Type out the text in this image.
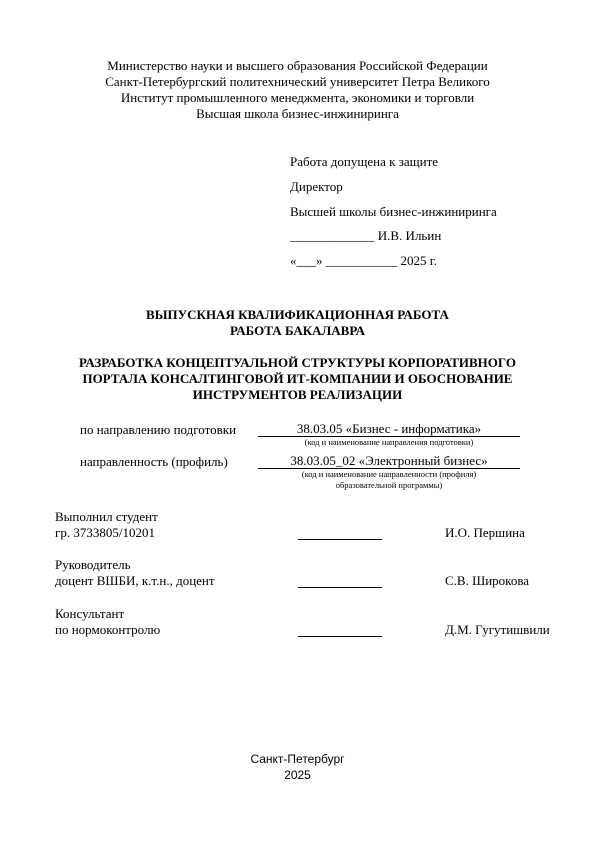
Министерство науки и высшего образования Российской Федерации
Санкт-Петербургский политехнический университет Петра Великого
Институт промышленного менеджмента, экономики и торговли
Высшая школа бизнес-инжиниринга
Работа допущена к защите
Директор
Высшей школы бизнес-инжиниринга
_____________ И.В. Ильин
«___» ___________ 2025 г.
ВЫПУСКНАЯ КВАЛИФИКАЦИОННАЯ РАБОТА
РАБОТА БАКАЛАВРА
РАЗРАБОТКА КОНЦЕПТУАЛЬНОЙ СТРУКТУРЫ КОРПОРАТИВНОГО
ПОРТАЛА КОНСАЛТИНГОВОЙ ИТ-КОМПАНИИ И ОБОСНОВАНИЕ
ИНСТРУМЕНТОВ РЕАЛИЗАЦИИ
по направлению подготовки	38.03.05 «Бизнес - информатика»
(код и наименование направления подготовки)
направленность (профиль)	38.03.05_02 «Электронный бизнес»
(код и наименование направленности (профиля)
образовательной программы)
Выполнил студент
гр. 3733805/10201	И.О. Першина
Руководитель
доцент ВШБИ, к.т.н., доцент	С.В. Широкова
Консультант
по нормоконтролю	Д.М. Гугутишвили
Санкт-Петербург
2025
